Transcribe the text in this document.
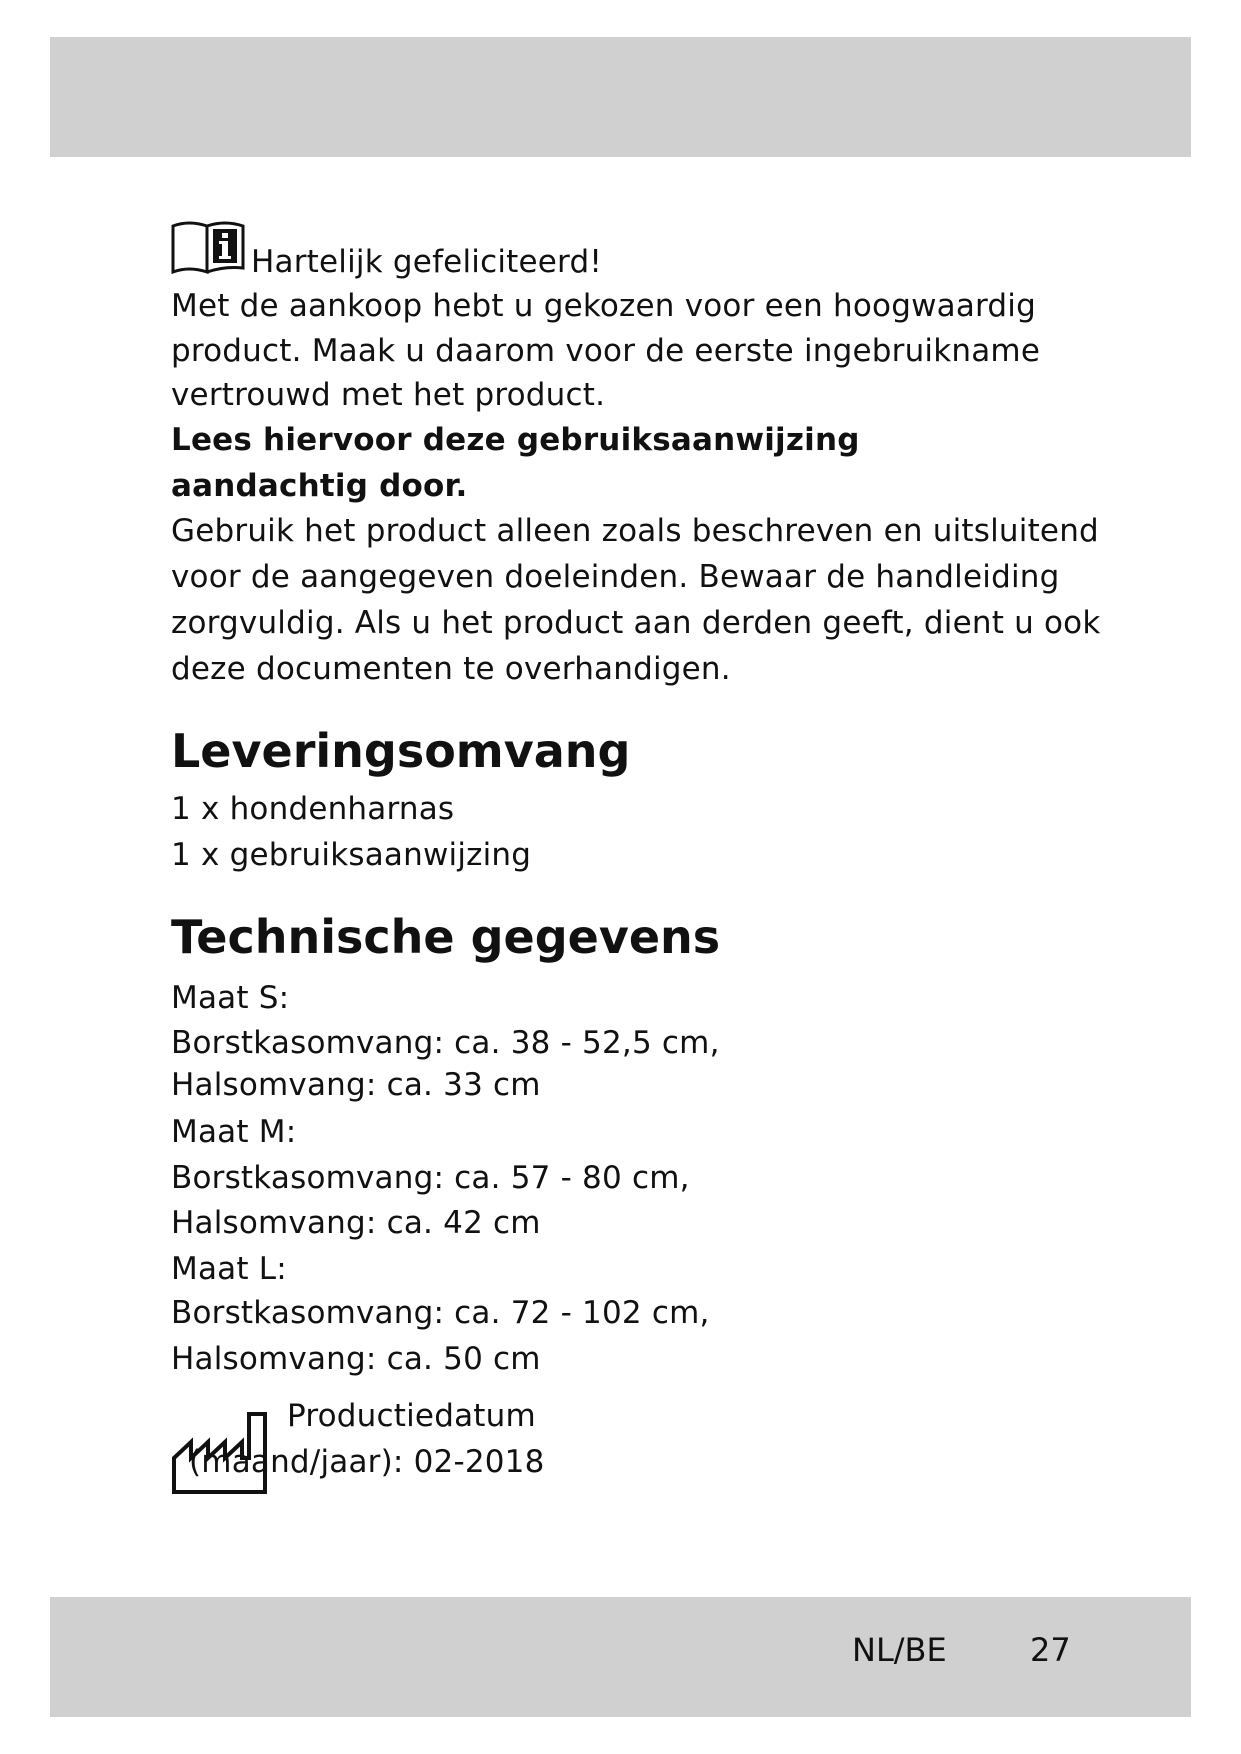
Hartelijk gefeliciteerd!
Met de aankoop hebt u gekozen voor een hoogwaardig
product. Maak u daarom voor de eerste ingebruikname
vertrouwd met het product.
Lees hiervoor deze gebruiksaanwijzing
aandachtig door.
Gebruik het product alleen zoals beschreven en uitsluitend
voor de aangegeven doeleinden. Bewaar de handleiding
zorgvuldig. Als u het product aan derden geeft, dient u ook
deze documenten te overhandigen.
Leveringsomvang
1 x hondenharnas
1 x gebruiksaanwijzing
Technische gegevens
Maat S:
Borstkasomvang: ca. 38 - 52,5 cm,
Halsomvang: ca. 33 cm
Maat M:
Borstkasomvang: ca. 57 - 80 cm,
Halsomvang: ca. 42 cm
Maat L:
Borstkasomvang: ca. 72 - 102 cm,
Halsomvang: ca. 50 cm
Productiedatum
(maand/jaar): 02-2018
NL/BE	27
